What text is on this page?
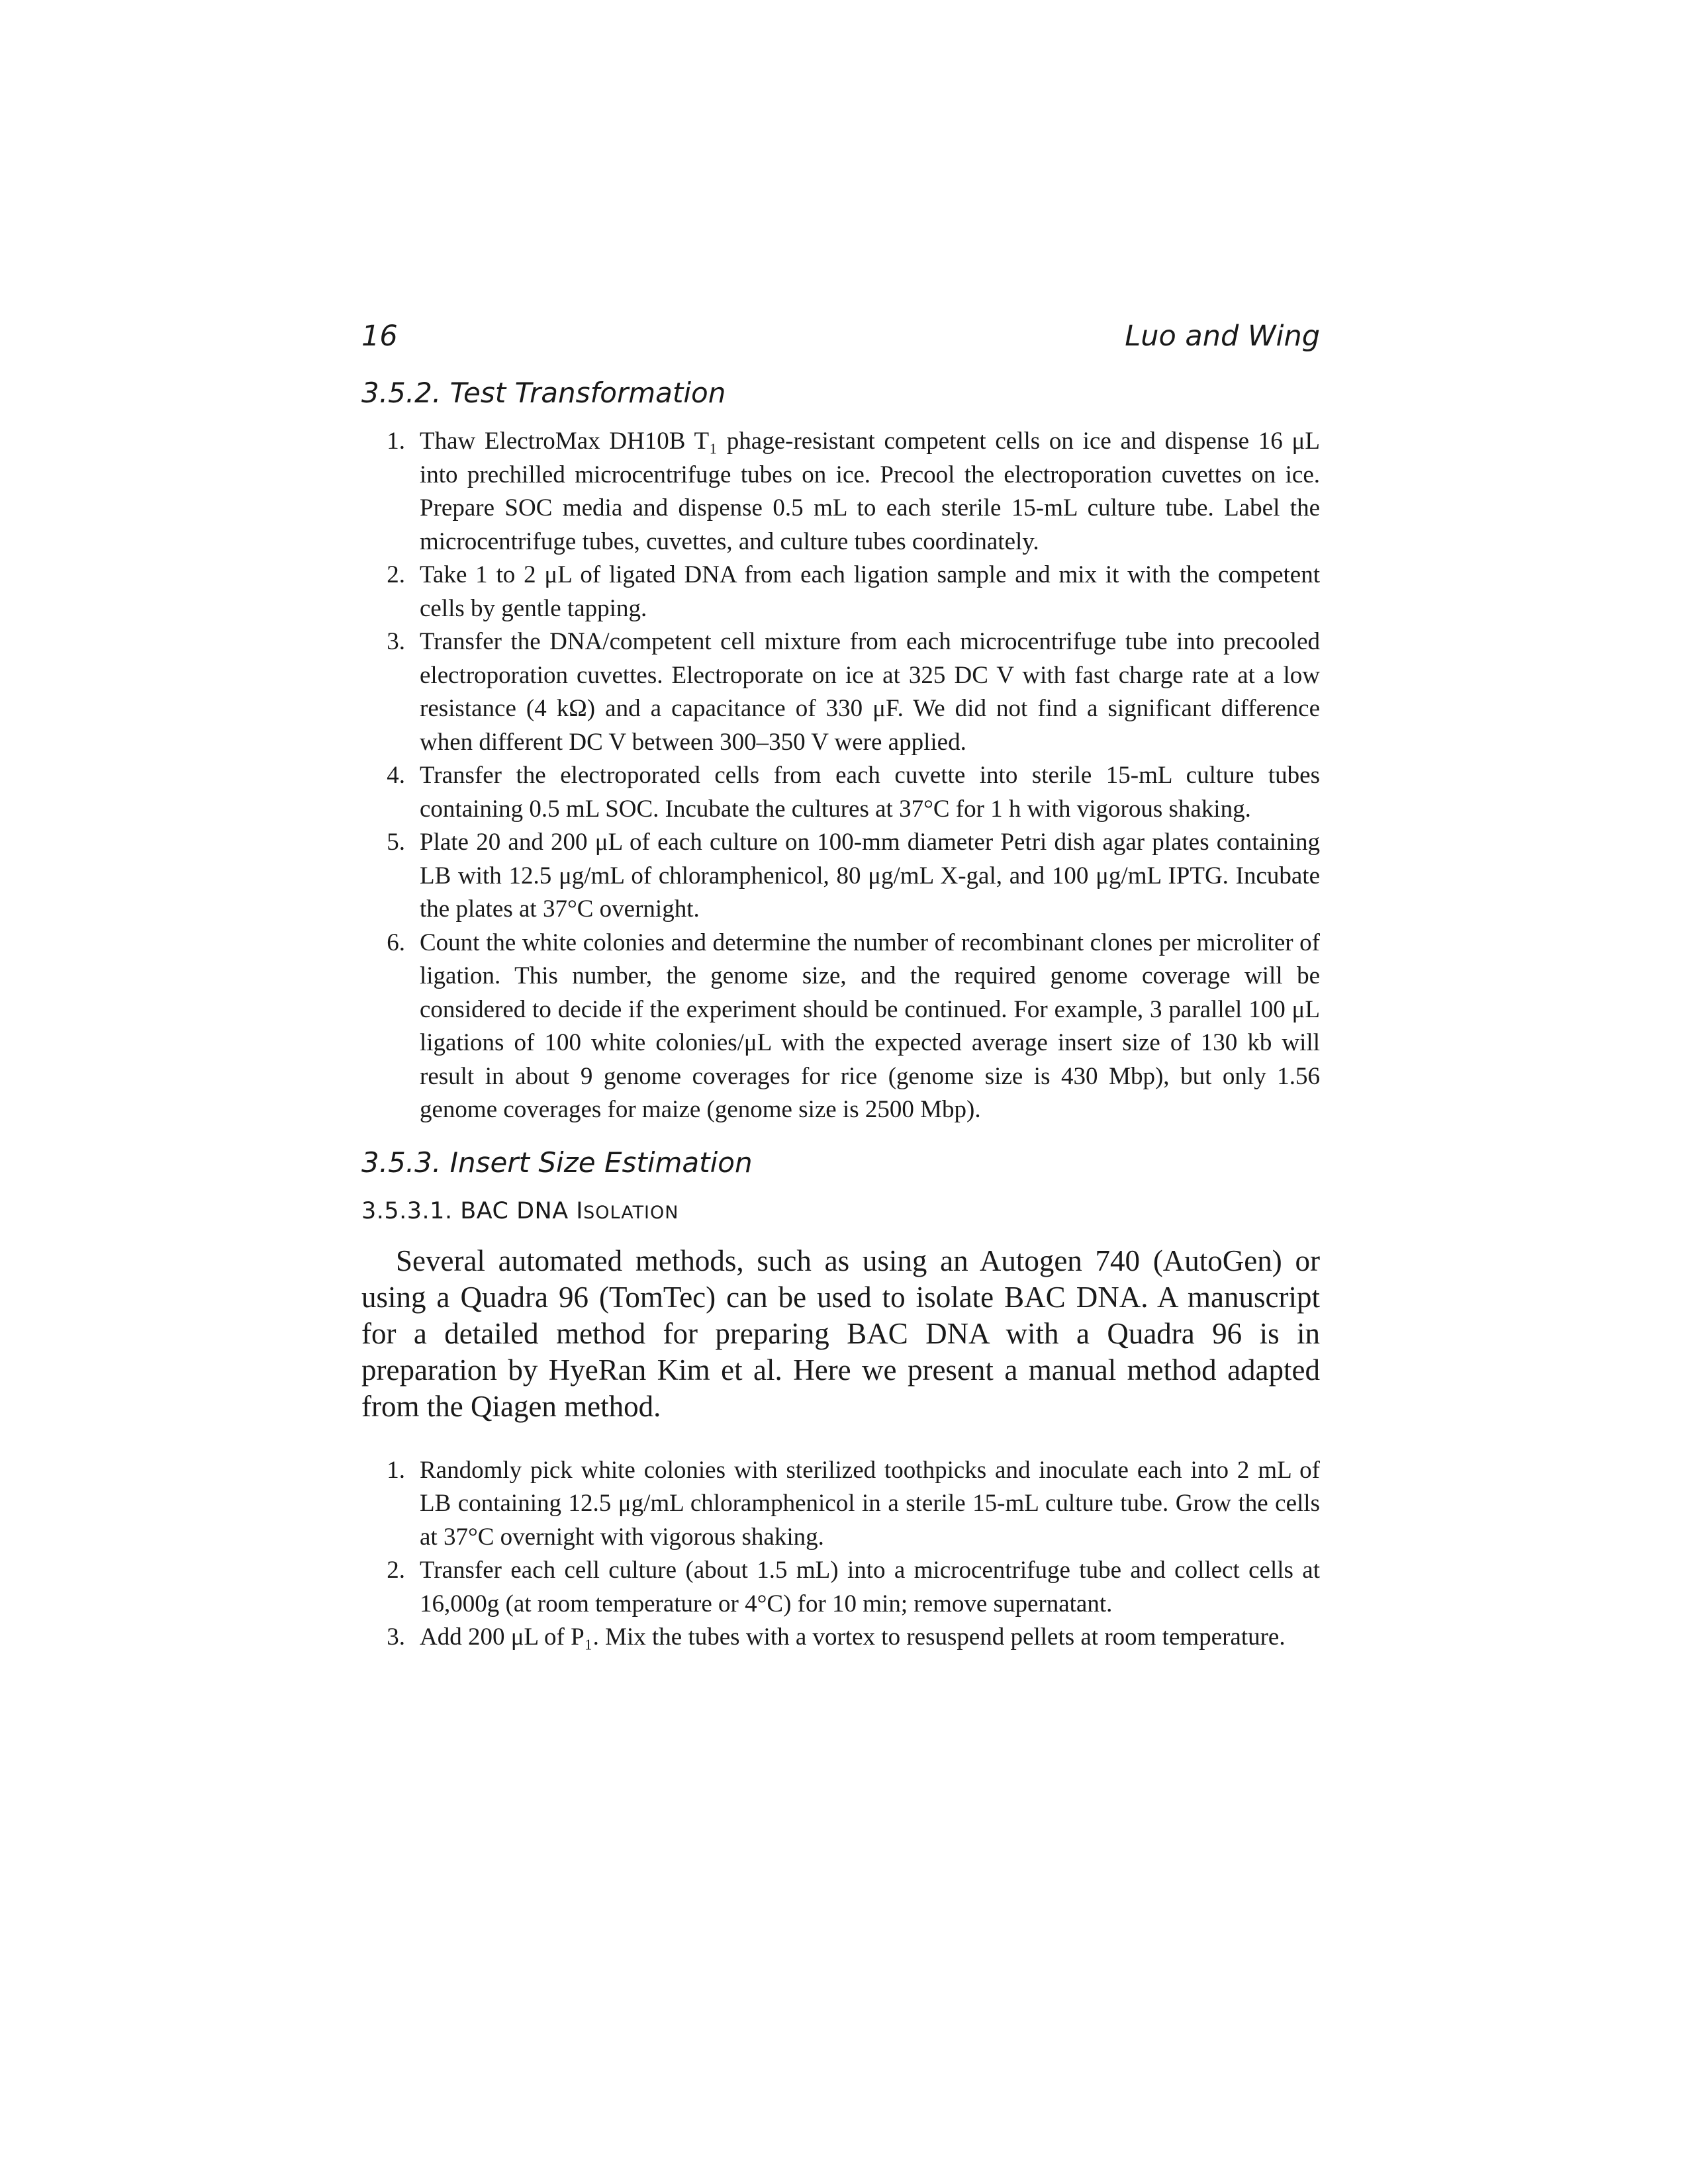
16	Luo and Wing
3.5.2. Test Transformation
1. Thaw ElectroMax DH10B T₁ phage-resistant competent cells on ice and dispense 16 μL into prechilled microcentrifuge tubes on ice. Precool the electroporation cuvettes on ice. Prepare SOC media and dispense 0.5 mL to each sterile 15-mL culture tube. Label the microcentrifuge tubes, cuvettes, and culture tubes coordinately.
2. Take 1 to 2 μL of ligated DNA from each ligation sample and mix it with the competent cells by gentle tapping.
3. Transfer the DNA/competent cell mixture from each microcentrifuge tube into precooled electroporation cuvettes. Electroporate on ice at 325 DC V with fast charge rate at a low resistance (4 kΩ) and a capacitance of 330 μF. We did not find a significant difference when different DC V between 300–350 V were applied.
4. Transfer the electroporated cells from each cuvette into sterile 15-mL culture tubes containing 0.5 mL SOC. Incubate the cultures at 37°C for 1 h with vigorous shaking.
5. Plate 20 and 200 μL of each culture on 100-mm diameter Petri dish agar plates containing LB with 12.5 μg/mL of chloramphenicol, 80 μg/mL X-gal, and 100 μg/mL IPTG. Incubate the plates at 37°C overnight.
6. Count the white colonies and determine the number of recombinant clones per microliter of ligation. This number, the genome size, and the required genome coverage will be considered to decide if the experiment should be continued. For example, 3 parallel 100 μL ligations of 100 white colonies/μL with the expected average insert size of 130 kb will result in about 9 genome coverages for rice (genome size is 430 Mbp), but only 1.56 genome coverages for maize (genome size is 2500 Mbp).
3.5.3. Insert Size Estimation
3.5.3.1. BAC DNA ISOLATION

Several automated methods, such as using an Autogen 740 (AutoGen) or using a Quadra 96 (TomTec) can be used to isolate BAC DNA. A manuscript for a detailed method for preparing BAC DNA with a Quadra 96 is in preparation by HyeRan Kim et al. Here we present a manual method adapted from the Qiagen method.

1. Randomly pick white colonies with sterilized toothpicks and inoculate each into 2 mL of LB containing 12.5 μg/mL chloramphenicol in a sterile 15-mL culture tube. Grow the cells at 37°C overnight with vigorous shaking.
2. Transfer each cell culture (about 1.5 mL) into a microcentrifuge tube and collect cells at 16,000g (at room temperature or 4°C) for 10 min; remove supernatant.
3. Add 200 μL of P₁. Mix the tubes with a vortex to resuspend pellets at room temperature.
